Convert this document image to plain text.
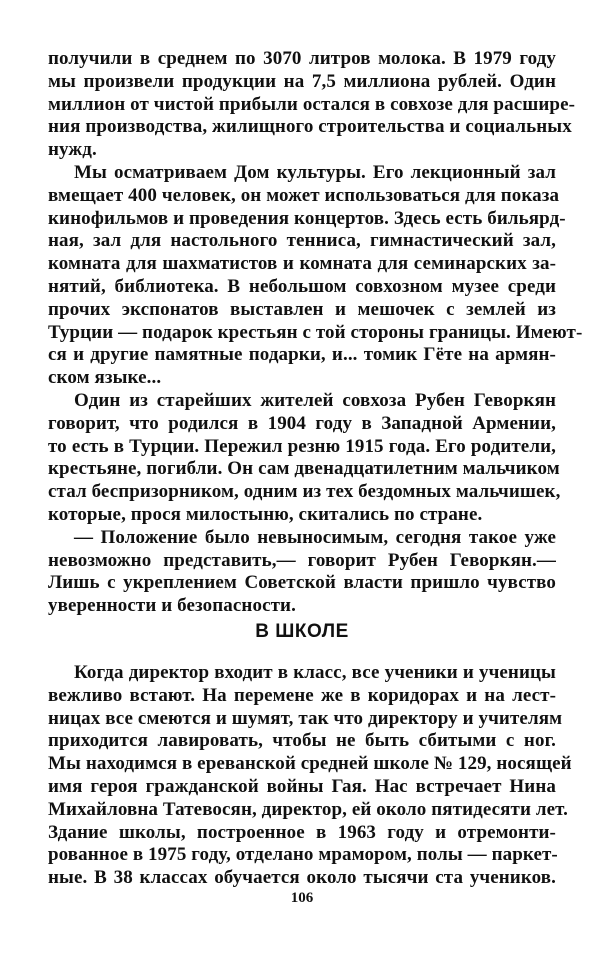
получили в среднем по 3070 литров молока. В 1979 году
мы произвели продукции на 7,5 миллиона рублей. Один
миллион от чистой прибыли остался в совхозе для расшире-
ния производства, жилищного строительства и социальных
нужд.
Мы осматриваем Дом культуры. Его лекционный зал
вмещает 400 человек, он может использоваться для показа
кинофильмов и проведения концертов. Здесь есть бильярд-
ная, зал для настольного тенниса, гимнастический зал,
комната для шахматистов и комната для семинарских за-
нятий, библиотека. В небольшом совхозном музее среди
прочих экспонатов выставлен и мешочек с землей из
Турции — подарок крестьян с той стороны границы. Имеют-
ся и другие памятные подарки, и... томик Гёте на армян-
ском языке...
Один из старейших жителей совхоза Рубен Геворкян
говорит, что родился в 1904 году в Западной Армении,
то есть в Турции. Пережил резню 1915 года. Его родители,
крестьяне, погибли. Он сам двенадцатилетним мальчиком
стал беспризорником, одним из тех бездомных мальчишек,
которые, прося милостыню, скитались по стране.
— Положение было невыносимым, сегодня такое уже
невозможно представить,— говорит Рубен Геворкян.—
Лишь с укреплением Советской власти пришло чувство
уверенности и безопасности.
В ШКОЛЕ
Когда директор входит в класс, все ученики и ученицы
вежливо встают. На перемене же в коридорах и на лест-
ницах все смеются и шумят, так что директору и учителям
приходится лавировать, чтобы не быть сбитыми с ног.
Мы находимся в ереванской средней школе № 129, носящей
имя героя гражданской войны Гая. Нас встречает Нина
Михайловна Татевосян, директор, ей около пятидесяти лет.
Здание школы, построенное в 1963 году и отремонти-
рованное в 1975 году, отделано мрамором, полы — паркет-
ные. В 38 классах обучается около тысячи ста учеников.
106
